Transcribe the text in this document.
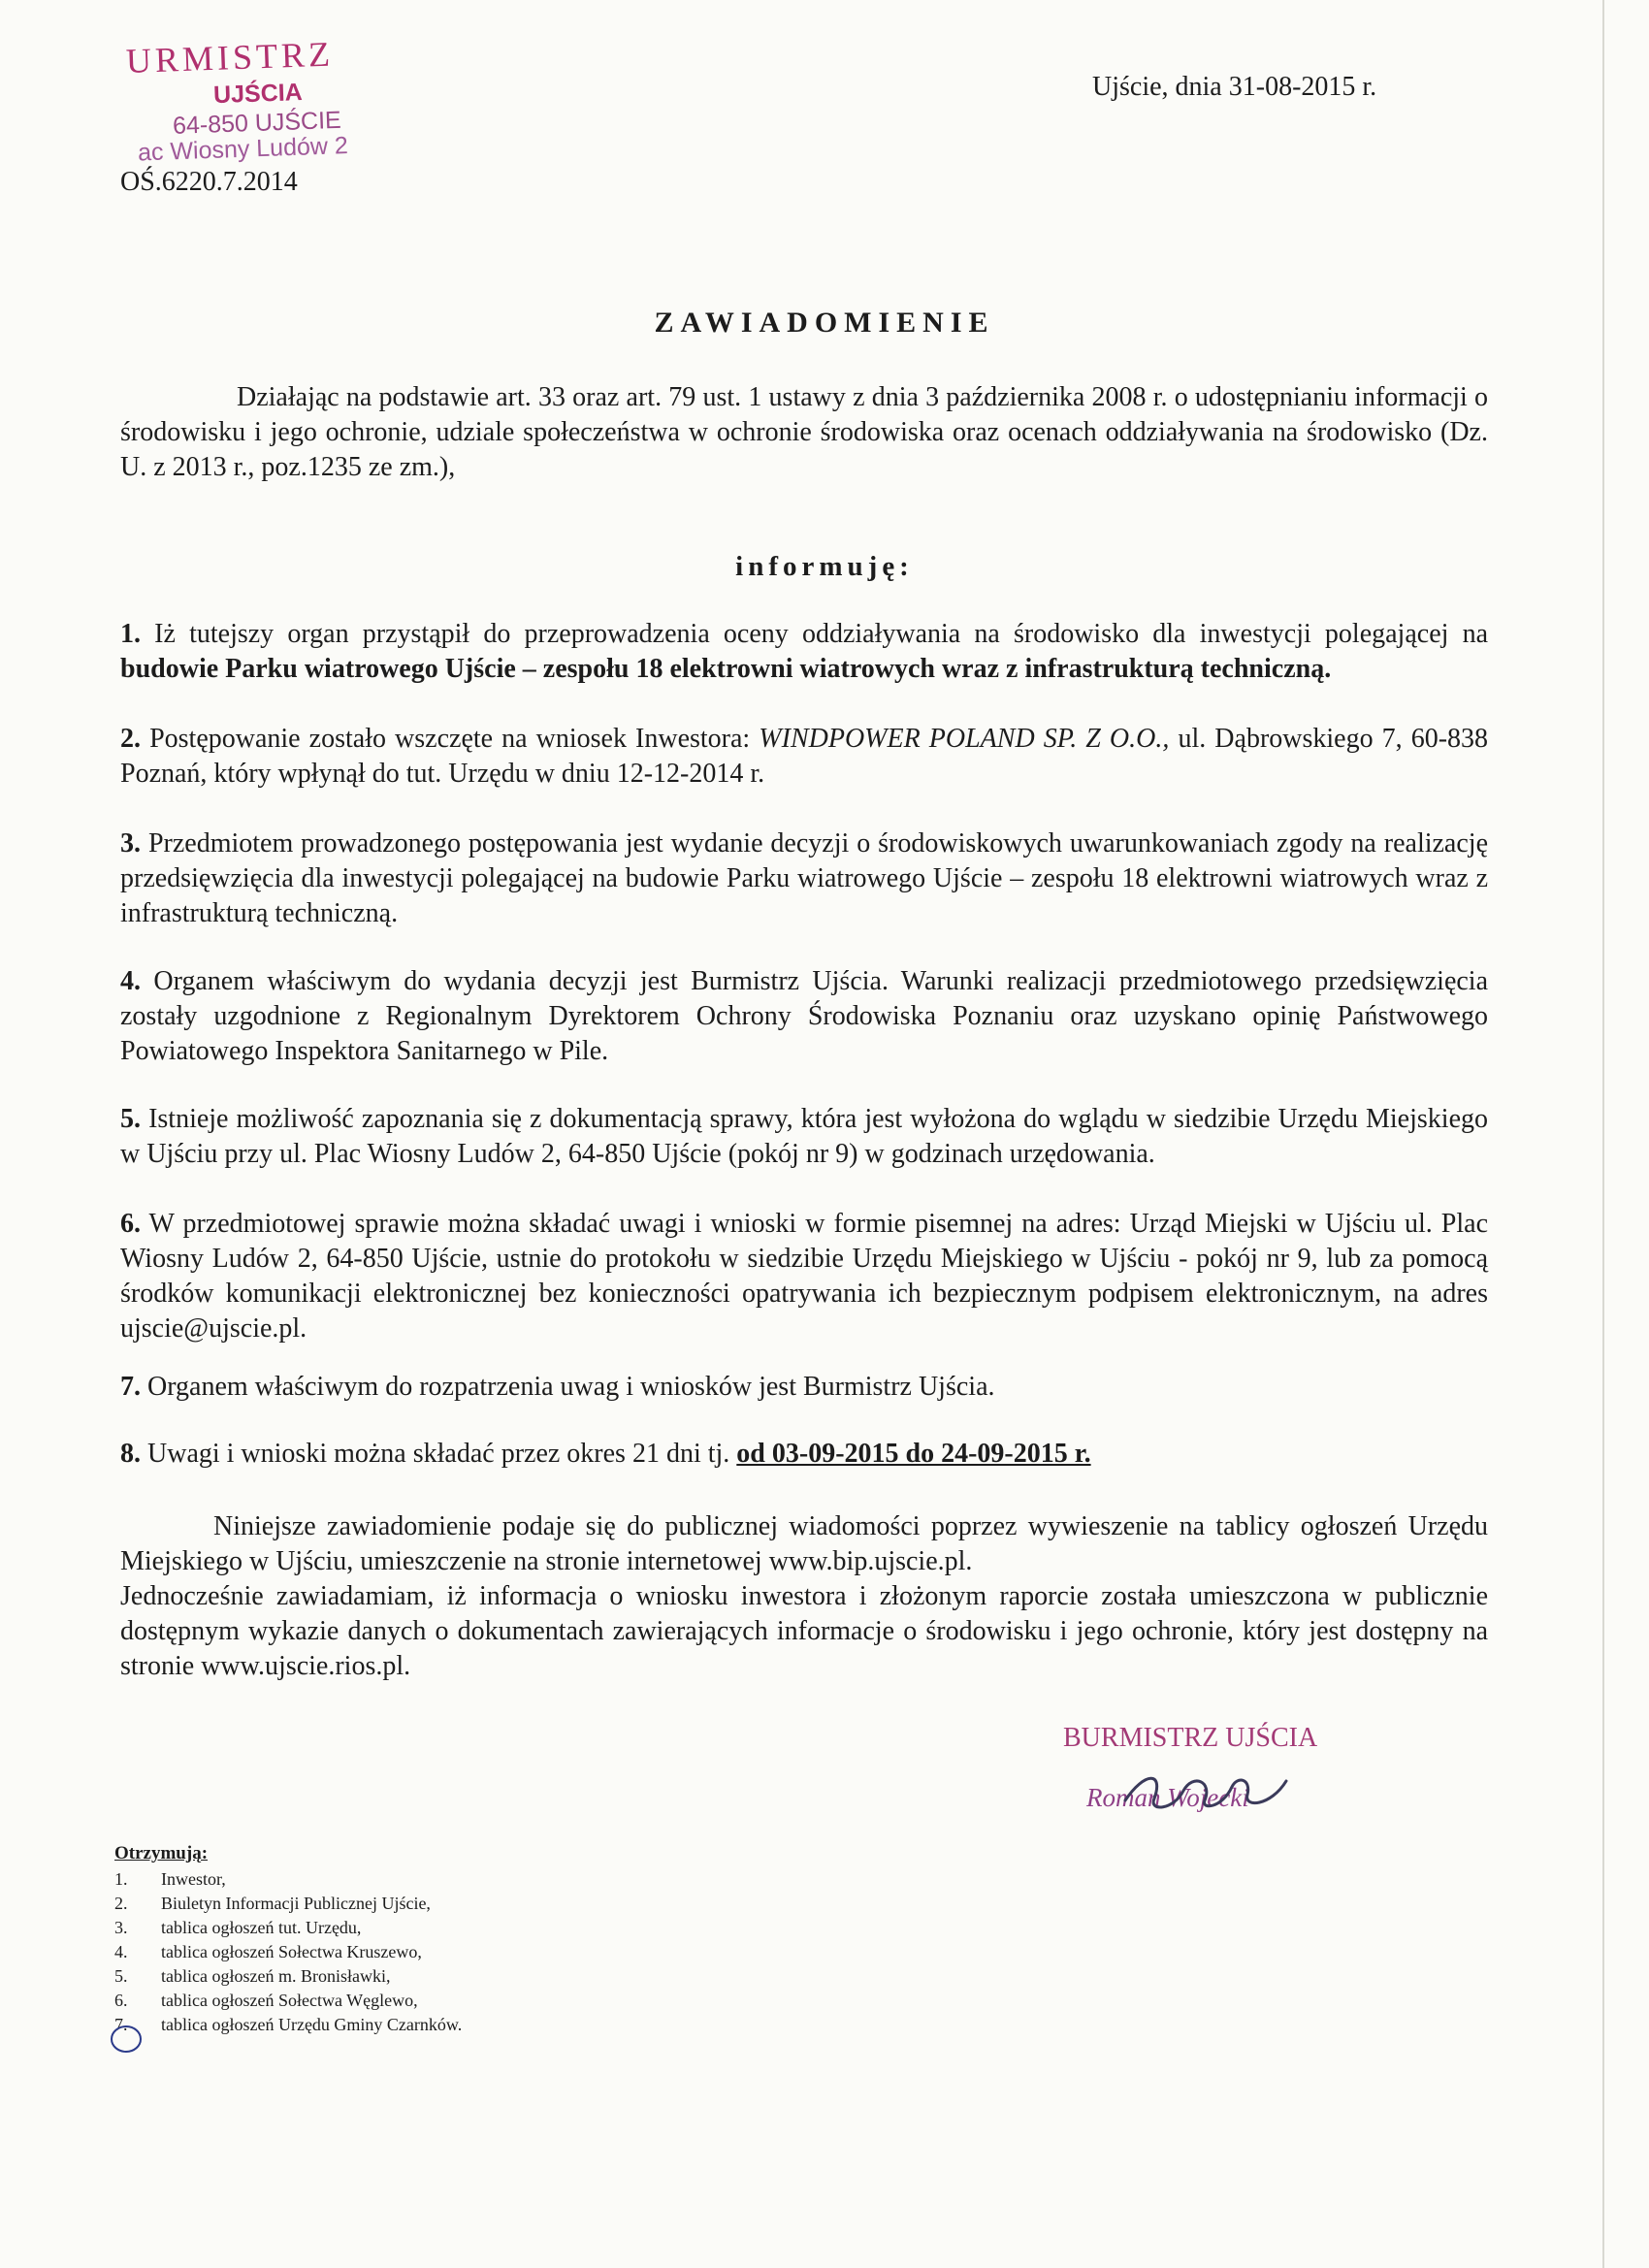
URMISTRZ
UJŚCIA
64-850 UJŚCIE
ac Wiosny Ludów 2
OŚ.6220.7.2014
Ujście, dnia 31-08-2015 r.
ZAWIADOMIENIE
Działając na podstawie art. 33 oraz art. 79 ust. 1 ustawy z dnia 3 października 2008 r. o udostępnianiu informacji o środowisku i jego ochronie, udziale społeczeństwa w ochronie środowiska oraz ocenach oddziaływania na środowisko (Dz. U. z 2013 r., poz.1235 ze zm.),
informuję:
1. Iż tutejszy organ przystąpił do przeprowadzenia oceny oddziaływania na środowisko dla inwestycji polegającej na budowie Parku wiatrowego Ujście – zespołu 18 elektrowni wiatrowych wraz z infrastrukturą techniczną.
2. Postępowanie zostało wszczęte na wniosek Inwestora: WINDPOWER POLAND SP. Z O.O., ul. Dąbrowskiego 7, 60-838 Poznań, który wpłynął do tut. Urzędu w dniu 12-12-2014 r.
3. Przedmiotem prowadzonego postępowania jest wydanie decyzji o środowiskowych uwarunkowaniach zgody na realizację przedsięwzięcia dla inwestycji polegającej na budowie Parku wiatrowego Ujście – zespołu 18 elektrowni wiatrowych wraz z infrastrukturą techniczną.
4. Organem właściwym do wydania decyzji jest Burmistrz Ujścia. Warunki realizacji przedmiotowego przedsięwzięcia zostały uzgodnione z Regionalnym Dyrektorem Ochrony Środowiska Poznaniu oraz uzyskano opinię Państwowego Powiatowego Inspektora Sanitarnego w Pile.
5. Istnieje możliwość zapoznania się z dokumentacją sprawy, która jest wyłożona do wglądu w siedzibie Urzędu Miejskiego w Ujściu przy ul. Plac Wiosny Ludów 2, 64-850 Ujście (pokój nr 9) w godzinach urzędowania.
6. W przedmiotowej sprawie można składać uwagi i wnioski w formie pisemnej na adres: Urząd Miejski w Ujściu ul. Plac Wiosny Ludów 2, 64-850 Ujście, ustnie do protokołu w siedzibie Urzędu Miejskiego w Ujściu - pokój nr 9, lub za pomocą środków komunikacji elektronicznej bez konieczności opatrywania ich bezpiecznym podpisem elektronicznym, na adres ujscie@ujscie.pl.
7. Organem właściwym do rozpatrzenia uwag i wniosków jest Burmistrz Ujścia.
8. Uwagi i wnioski można składać przez okres 21 dni tj. od 03-09-2015 do 24-09-2015 r.
Niniejsze zawiadomienie podaje się do publicznej wiadomości poprzez wywieszenie na tablicy ogłoszeń Urzędu Miejskiego w Ujściu, umieszczenie na stronie internetowej www.bip.ujscie.pl.
Jednocześnie zawiadamiam, iż informacja o wniosku inwestora i złożonym raporcie została umieszczona w publicznie dostępnym wykazie danych o dokumentach zawierających informacje o środowisku i jego ochronie, który jest dostępny na stronie www.ujscie.rios.pl.
BURMISTRZ UJŚCIA
Roman Wojecki
Otrzymują:
1.	Inwestor,
2.	Biuletyn Informacji Publicznej Ujście,
3.	tablica ogłoszeń tut. Urzędu,
4.	tablica ogłoszeń Sołectwa Kruszewo,
5.	tablica ogłoszeń m. Bronisławki,
6.	tablica ogłoszeń Sołectwa Węglewo,
7.	tablica ogłoszeń Urzędu Gminy Czarnków.
